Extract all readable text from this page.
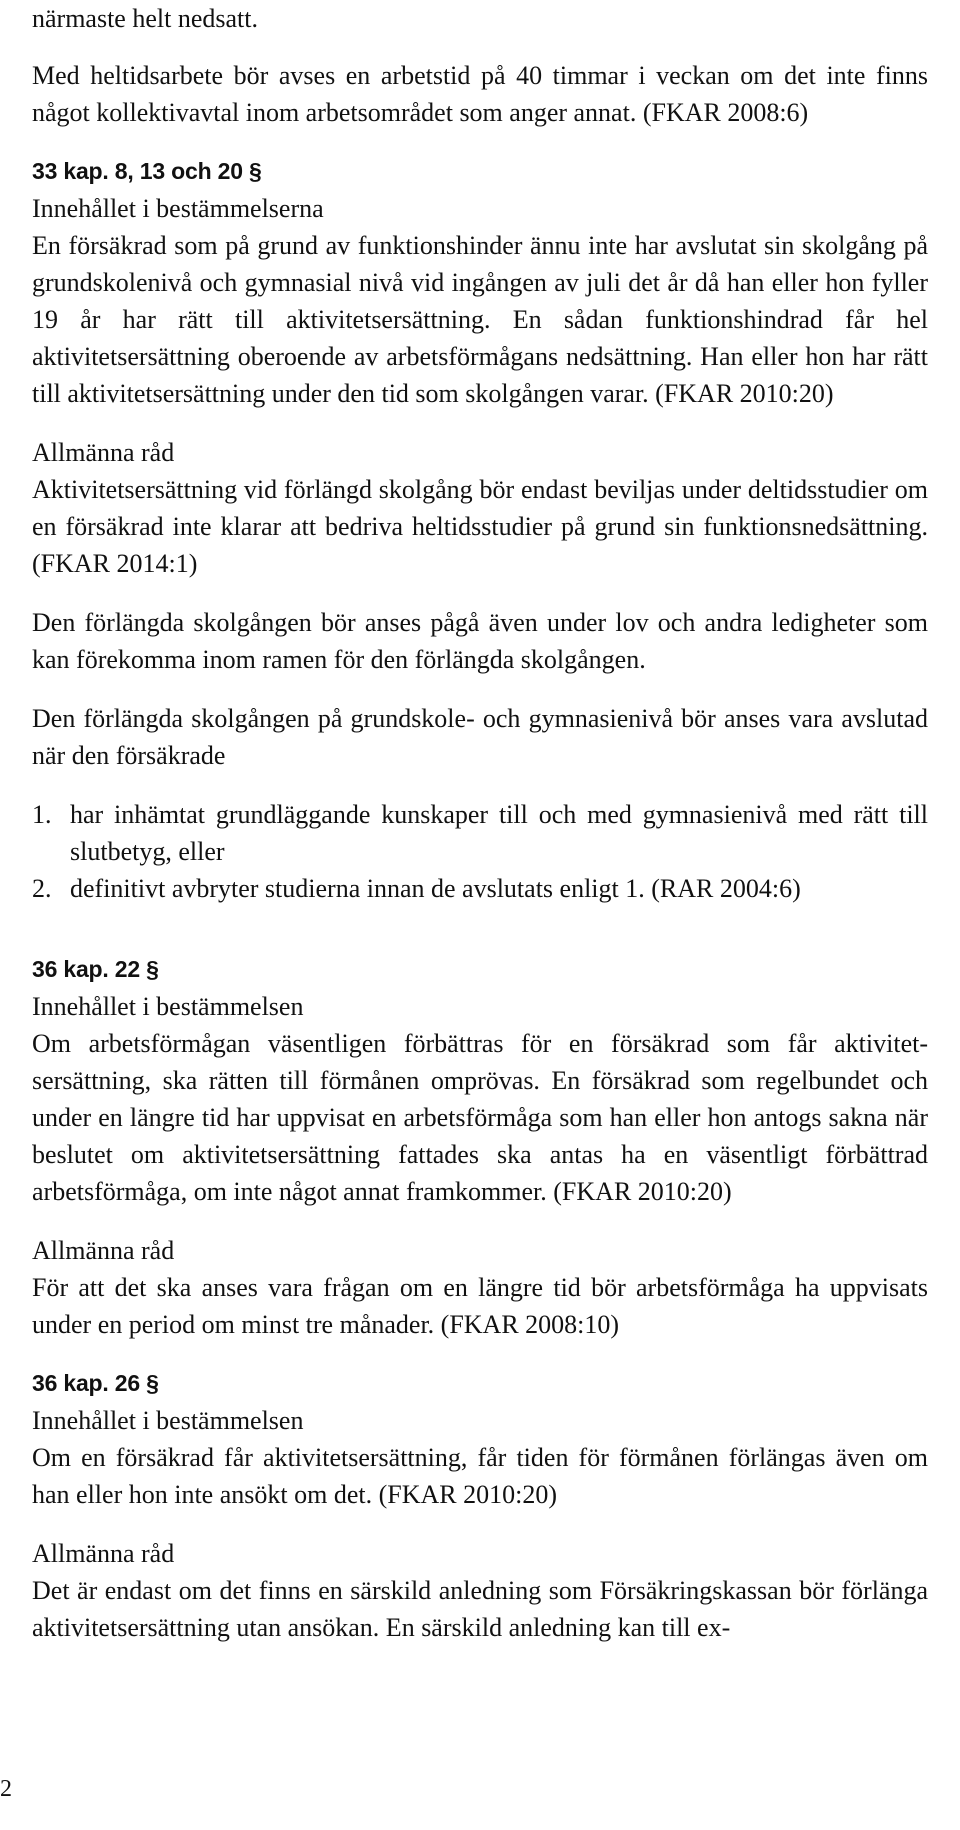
närmaste helt nedsatt.

Med heltidsarbete bör avses en arbetstid på 40 timmar i veckan om det inte finns något kollektivavtal inom arbetsområdet som anger annat. (FKAR 2008:6)

33 kap. 8, 13 och 20 §

Innehållet i bestämmelserna

En försäkrad som på grund av funktionshinder ännu inte har avslutat sin skolgång på grundskolenivå och gymnasial nivå vid ingången av juli det år då han eller hon fyller 19 år har rätt till aktivitetsersättning. En sådan funktionshindrad får hel aktivitetsersättning oberoende av arbetsförmågans nedsättning. Han eller hon har rätt till aktivitetsersättning under den tid som skolgången varar. (FKAR 2010:20)

Allmänna råd

Aktivitetsersättning vid förlängd skolgång bör endast beviljas under deltidsstudier om en försäkrad inte klarar att bedriva heltidsstudier på grund sin funktionsnedsättning. (FKAR 2014:1)

Den förlängda skolgången bör anses pågå även under lov och andra ledigheter som kan förekomma inom ramen för den förlängda skolgången.

Den förlängda skolgången på grundskole- och gymnasienivå bör anses vara avslutad när den försäkrade

1. har inhämtat grundläggande kunskaper till och med gymnasienivå med rätt till slutbetyg, eller
2. definitivt avbryter studierna innan de avslutats enligt 1. (RAR 2004:6)

36 kap. 22 §

Innehållet i bestämmelsen

Om arbetsförmågan väsentligen förbättras för en försäkrad som får aktivitetsersättning, ska rätten till förmånen omprövas. En försäkrad som regelbundet och under en längre tid har uppvisat en arbetsförmåga som han eller hon antogs sakna när beslutet om aktivitetsersättning fattades ska antas ha en väsentligt förbättrad arbetsförmåga, om inte något annat framkommer. (FKAR 2010:20)

Allmänna råd

För att det ska anses vara frågan om en längre tid bör arbetsförmåga ha uppvisats under en period om minst tre månader. (FKAR 2008:10)

36 kap. 26 §

Innehållet i bestämmelsen

Om en försäkrad får aktivitetsersättning, får tiden för förmånen förlängas även om han eller hon inte ansökt om det. (FKAR 2010:20)

Allmänna råd

Det är endast om det finns en särskild anledning som Försäkringskassan bör förlänga aktivitetsersättning utan ansökan. En särskild anledning kan till ex-

2
